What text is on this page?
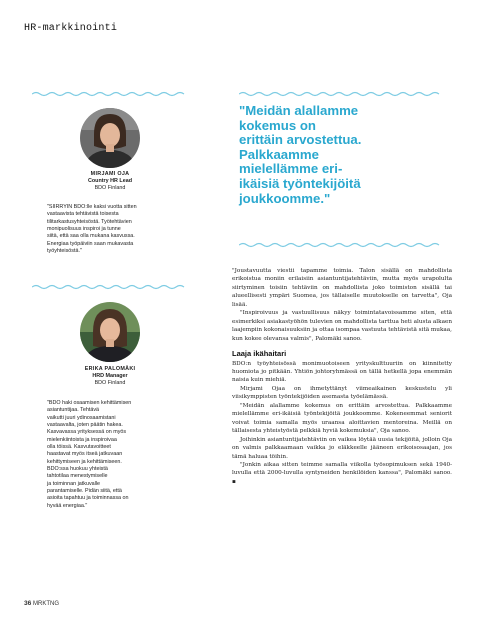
HR-markkinointi
MIRJAMI OJA
Country HR Lead
BDO Finland
"SIIRRYIN BDO:lle kaksi vuotta sitten
vastaavista tehtävistä toisesta
tilitarkastusyhteisöstä. Työtehtävien
monipuolisuus inspiroi ja tunne
siitä, että saa olla mukana kasvussa.
Energiaa työpäiviin saan mukavasta
työyhteisöstä."
ERIKA PALOMÄKI
HRD Manager
BDO Finland
"BDO haki osaamisen kehittämisen
asiantuntijaa. Tehtävä
vaikutti juuri ydinosaamistani
vastaavalta, joten päätin hakea.
Kasvavassa yrityksessä on myös
mielenkiintoista ja inspiroivaa
olla töissä. Kasvutavoitteet
haastavat myös itseä jatkuvaan
kehittymiseen ja kehittämiseen.
BDO:ssa huokuu yhteistä
tahtotilaa menestymiselle
ja toiminnan jatkuvalle
parantamiselle. Pidän siitä, että
asioita tapahtuu ja toiminnassa on
hyvää energiaa."
"Meidän alallamme
kokemus on
erittäin arvostettua.
Palkkaamme
mielellämme eri-
ikäisiä työntekijöitä
joukkoomme."

"Joustavuutta viestii tapamme toimia. Talon sisällä on mahdollista erikoistua moniin erilaisiin asiantuntijatehtäviin, mutta myös urapolulta siirtyminen toisiin tehtäviin on mahdollista joko toimiston sisällä tai alueellisesti ympäri Suomea, jos tällaiselle muutokselle on tarvetta", Oja lisää.

"Inspiroivuus ja vastuullisuus näkyy toimintatavoissamme siten, että esimerkiksi asiakastyöhön tulevien on mahdollista tarttua heti alusta alkaen laajempiin kokonaisuuksiin ja ottaa isompaa vastuuta tehtävistä sitä mukaa, kun kokee olevansa valmis", Palomäki sanoo.

Laaja ikähaitari

BDO:n työyhteisössä monimuotoiseen yrityskulttuuriin on kiinnitetty huomiota jo pitkään. Yhtiön johtoryhmässä on tällä hetkellä jopa enemmän naisia kuin miehiä.

Mirjami Ojaa on ihmetyttänyt viimeaikainen keskustelu yli viisikymppisten työntekijöiden asemasta työelämässä.

"Meidän alallamme kokemus on erittäin arvostettua. Palkkaamme mielellämme eri-ikäisiä työntekijöitä joukkoomme. Kokeneemmat seniorit voivat toimia samalla myös uraansa aloittavien mentoreina. Meillä on tällaisesta yhteistyöstä pelkkiä hyviä kokemuksia", Oja sanoo.

Joihinkin asiantuntijatehtäviin on vaikea löytää uusia tekijöitä, jolloin Oja on valmis palkkaamaan vaikka jo eläkkeelle jääneen erikoisosaajan, jos tämä haluaa töihin.

"Jonkin aikaa sitten teimme samalla viikolla työsopimuksen sekä 1940-luvulla että 2000-luvulla syntyneiden henkilöiden kanssa", Palomäki sanoo. ▪

36 MRKTNG
